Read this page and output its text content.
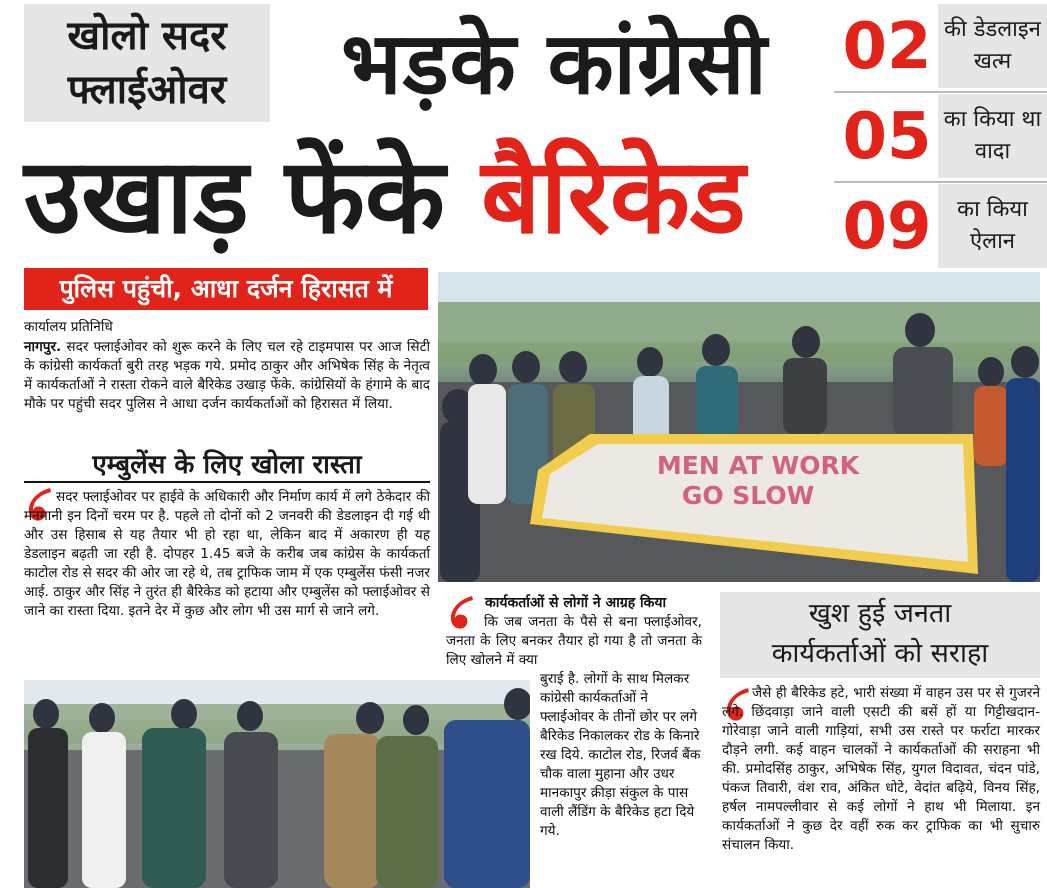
खोलो सदर
फ्लाईओवर	भड़के कांग्रेसी
उखाड़ फेंके बैरिकेड
02 की डेडलाइन खत्म
05 का किया था वादा
09	का किया ऐलान
पुलिस पहुंची, आधा दर्जन हिरासत में
कार्यालय प्रतिनिधि
नागपुर. सदर फ्लाईओवर को शुरू करने के लिए चल रहे टाइमपास पर आज सिटी के कांग्रेसी कार्यकर्ता बुरी तरह भड़क गये. प्रमोद ठाकुर और अभिषेक सिंह के नेतृत्व में कार्यकर्ताओं ने रास्ता रोकने वाले बैरिकेड उखाड़ फेंके. कांग्रेसियों के हंगामे के बाद मौके पर पहुंची सदर पुलिस ने आधा दर्जन कार्यकर्ताओं को हिरासत में लिया.
एम्बुलेंस के लिए खोला रास्ता
सदर फ्लाईओवर पर हाईवे के अधिकारी और निर्माण कार्य में लगे ठेकेदार की मनमानी इन दिनों चरम पर है. पहले तो दोनों को 2 जनवरी की डेडलाइन दी गई थी और उस हिसाब से यह तैयार भी हो रहा था, लेकिन बाद में अकारण ही यह डेडलाइन बढ़ती जा रही है. दोपहर 1.45 बजे के करीब जब कांग्रेस के कार्यकर्ता काटोल रोड से सदर की ओर जा रहे थे, तब ट्राफिक जाम में एक एम्बुलेंस फंसी नजर आई. ठाकुर और सिंह ने तुरंत ही बैरिकेड को हटाया और एम्बुलेंस को फ्लाईओवर से जाने का रास्ता दिया. इतने देर में कुछ और लोग भी उस मार्ग से जाने लगे.
MEN AT WORK
GO SLOW
कार्यकर्ताओं से लोगों ने आग्रह किया
कि जब जनता के पैसे से बना फ्लाईओवर, जनता के लिए बनकर तैयार हो गया है तो जनता के लिए खोलने में क्या
बुराई है. लोगों के साथ मिलकर कांग्रेसी कार्यकर्ताओं ने फ्लाईओवर के तीनों छोर पर लगे बैरिकेड निकालकर रोड के किनारे रख दिये. काटोल रोड, रिजर्व बैंक चौक वाला मुहाना और उधर मानकापुर क्रीड़ा संकुल के पास वाली लैंडिंग के बैरिकेड हटा दिये गये.
खुश हुई जनता
कार्यकर्ताओं को सराहा
जैसे ही बैरिकेड हटे, भारी संख्या में वाहन उस पर से गुजरने लगे. छिंदवाड़ा जाने वाली एसटी की बसें हों या गिट्टीखदान-गोरेवाड़ा जाने वाली गाड़ियां, सभी उस रास्ते पर फर्राटा मारकर दौड़ने लगी. कई वाहन चालकों ने कार्यकर्ताओं की सराहना भी की. प्रमोदसिंह ठाकुर, अभिषेक सिंह, युगल विदावत, चंदन पांडे, पंकज तिवारी, वंश राव, अंकित धोटे, वेदांत बढ़िये, विनय सिंह, हर्षल नामपल्लीवार से कई लोगों ने हाथ भी मिलाया. इन कार्यकर्ताओं ने कुछ देर वहीं रुक कर ट्राफिक का भी सुचारु संचालन किया.
